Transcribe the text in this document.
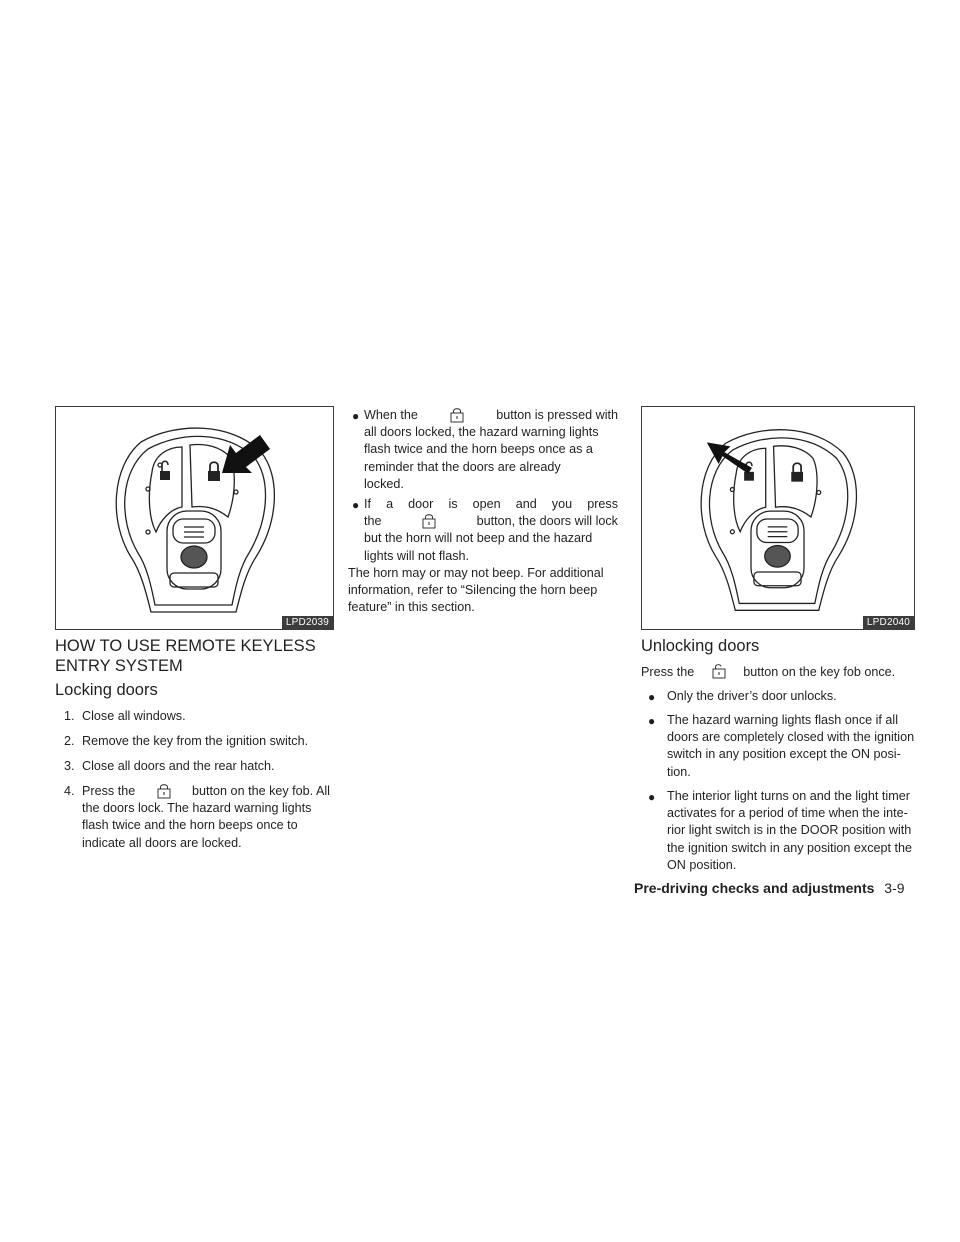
LPD2039	LPD2040
HOW TO USE REMOTE KEYLESS
ENTRY SYSTEM
Locking doors
1. Close all windows.
2. Remove the key from the ignition switch.
3. Close all doors and the rear hatch.
4. Press the	button on the key fob. All
the doors lock. The hazard warning lights
flash twice and the horn beeps once to
indicate all doors are locked.
● When the	button is pressed with
all doors locked, the hazard warning lights
flash twice and the horn beeps once as a
reminder that the doors are already
locked.
● If a door is open and you press
the	button, the doors will lock
but the horn will not beep and the hazard
lights will not flash.
The horn may or may not beep. For additional
information, refer to “Silencing the horn beep
feature” in this section.
Unlocking doors
Press the	button on the key fob once.
● Only the driver’s door unlocks.
● The hazard warning lights flash once if all
doors are completely closed with the ignition
switch in any position except the ON posi-
tion.
● The interior light turns on and the light timer
activates for a period of time when the inte-
rior light switch is in the DOOR position with
the ignition switch in any position except the
ON position.
Pre-driving checks and adjustments 3-9
